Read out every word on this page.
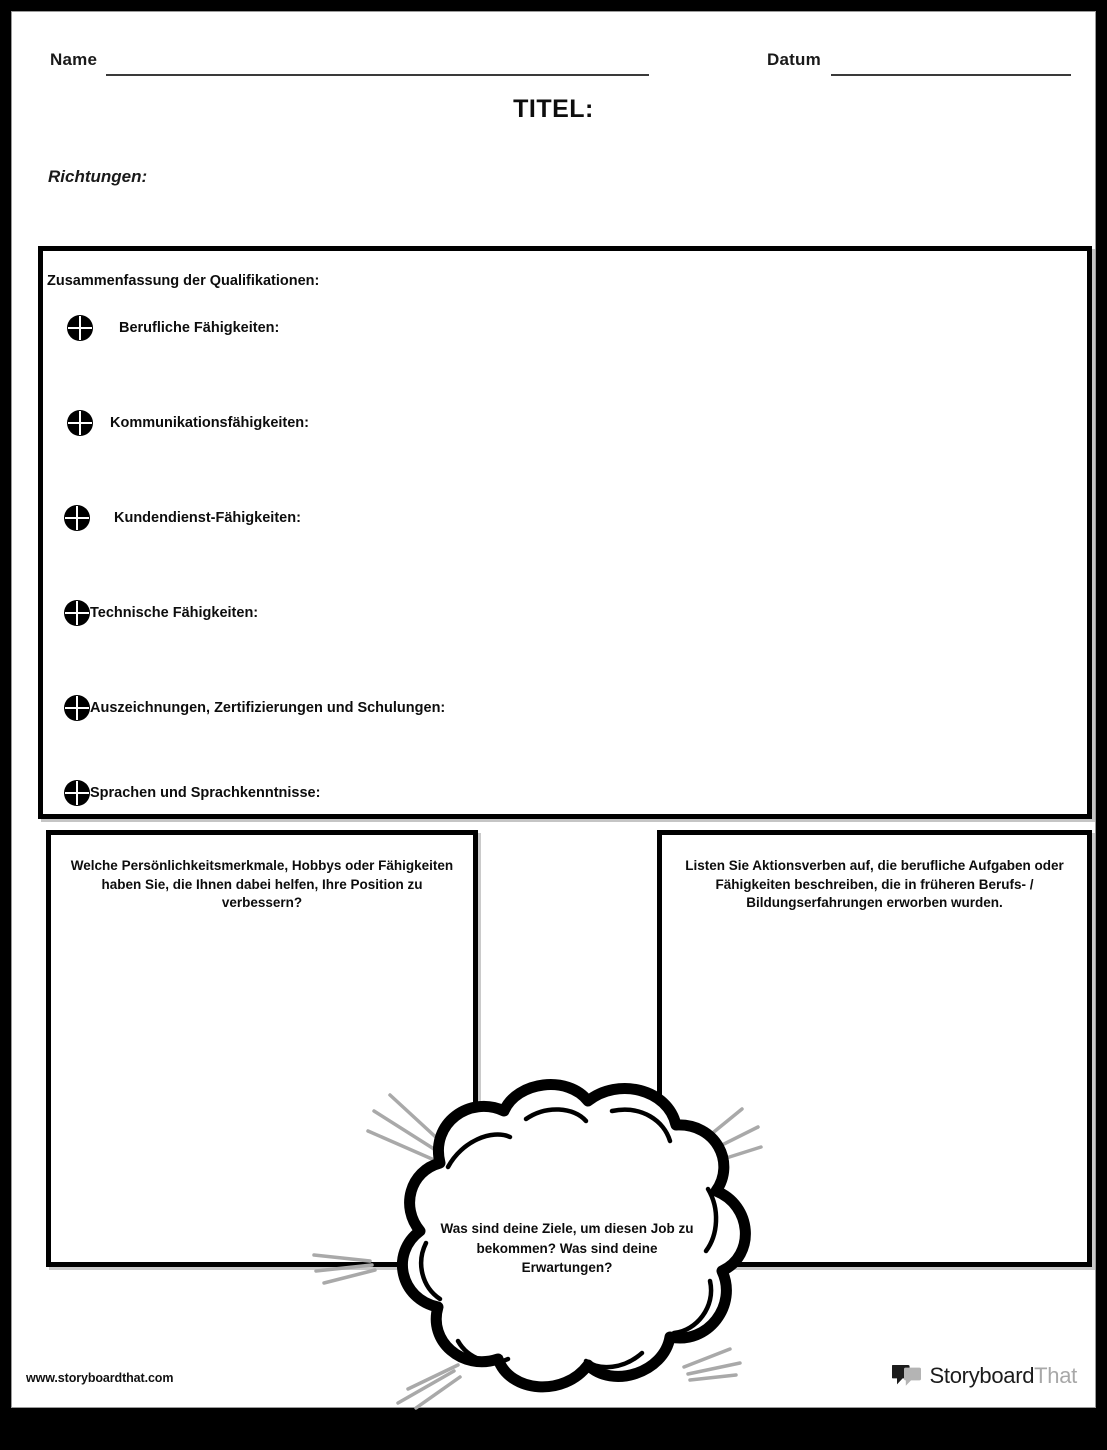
Name	Datum
TITEL:
Richtungen:
Zusammenfassung der Qualifikationen:
Berufliche Fähigkeiten:
Kommunikationsfähigkeiten:
Kundendienst-Fähigkeiten:
Technische Fähigkeiten:
Auszeichnungen, Zertifizierungen und Schulungen:
Sprachen und Sprachkenntnisse:
Welche Persönlichkeitsmerkmale, Hobbys oder Fähigkeiten haben Sie, die Ihnen dabei helfen, Ihre Position zu verbessern?
Listen Sie Aktionsverben auf, die berufliche Aufgaben oder Fähigkeiten beschreiben, die in früheren Berufs- / Bildungserfahrungen erworben wurden.
Was sind deine Ziele, um diesen Job zu bekommen? Was sind deine Erwartungen?
www.storyboardthat.com	StoryboardThat
